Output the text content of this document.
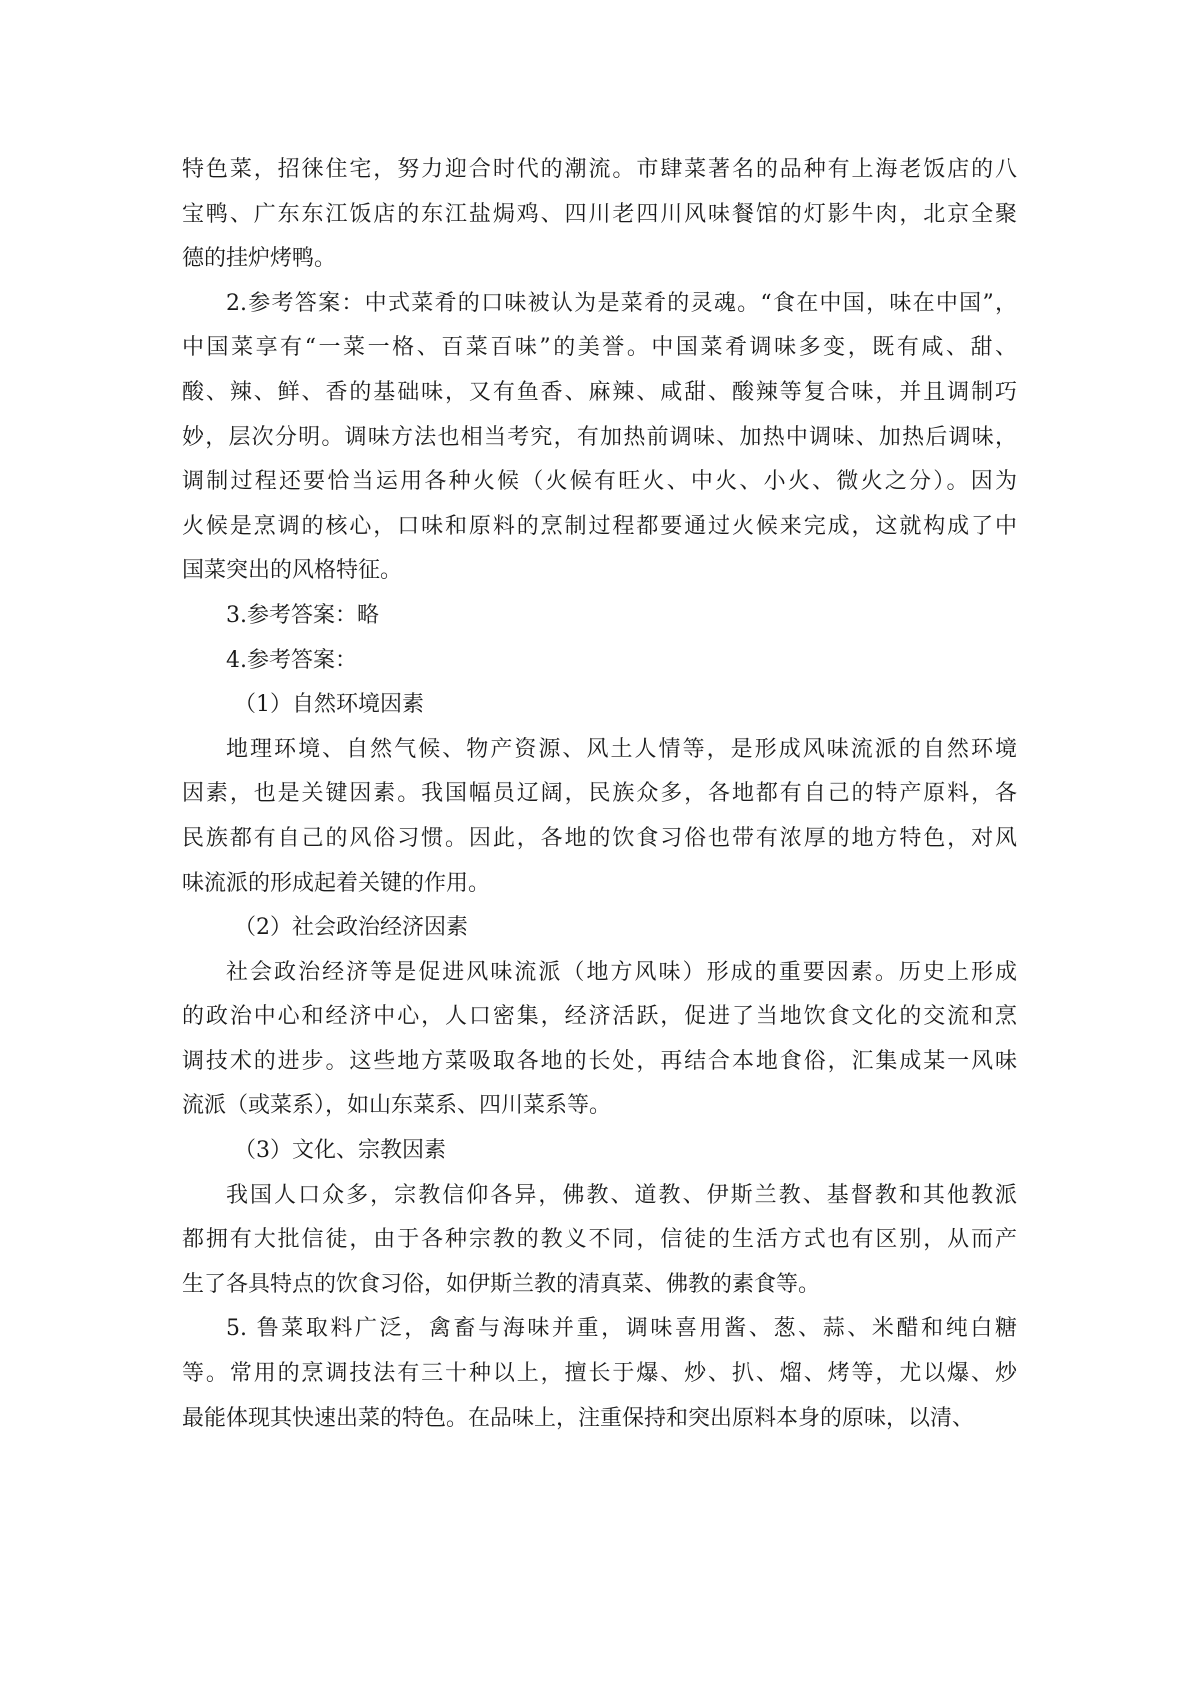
特色菜，招徕住宅，努力迎合时代的潮流。市肆菜著名的品种有上海老饭店的八
宝鸭、广东东江饭店的东江盐焗鸡、四川老四川风味餐馆的灯影牛肉，北京全聚
德的挂炉烤鸭。
2.参考答案：中式菜肴的口味被认为是菜肴的灵魂。“食在中国，味在中国”，
中国菜享有“一菜一格、百菜百味”的美誉。中国菜肴调味多变，既有咸、甜、
酸、辣、鲜、香的基础味，又有鱼香、麻辣、咸甜、酸辣等复合味，并且调制巧
妙，层次分明。调味方法也相当考究，有加热前调味、加热中调味、加热后调味，
调制过程还要恰当运用各种火候（火候有旺火、中火、小火、微火之分）。因为
火候是烹调的核心，口味和原料的烹制过程都要通过火候来完成，这就构成了中
国菜突出的风格特征。
3.参考答案：略
4.参考答案：
（1）自然环境因素
地理环境、自然气候、物产资源、风土人情等，是形成风味流派的自然环境
因素，也是关键因素。我国幅员辽阔，民族众多，各地都有自己的特产原料，各
民族都有自己的风俗习惯。因此，各地的饮食习俗也带有浓厚的地方特色，对风
味流派的形成起着关键的作用。
（2）社会政治经济因素
社会政治经济等是促进风味流派（地方风味）形成的重要因素。历史上形成
的政治中心和经济中心，人口密集，经济活跃，促进了当地饮食文化的交流和烹
调技术的进步。这些地方菜吸取各地的长处，再结合本地食俗，汇集成某一风味
流派（或菜系），如山东菜系、四川菜系等。
（3）文化、宗教因素
我国人口众多，宗教信仰各异，佛教、道教、伊斯兰教、基督教和其他教派
都拥有大批信徒，由于各种宗教的教义不同，信徒的生活方式也有区别，从而产
生了各具特点的饮食习俗，如伊斯兰教的清真菜、佛教的素食等。
5. 鲁菜取料广泛，禽畜与海味并重，调味喜用酱、葱、蒜、米醋和纯白糖
等。常用的烹调技法有三十种以上，擅长于爆、炒、扒、熘、烤等，尤以爆、炒
最能体现其快速出菜的特色。在品味上，注重保持和突出原料本身的原味，以清、
